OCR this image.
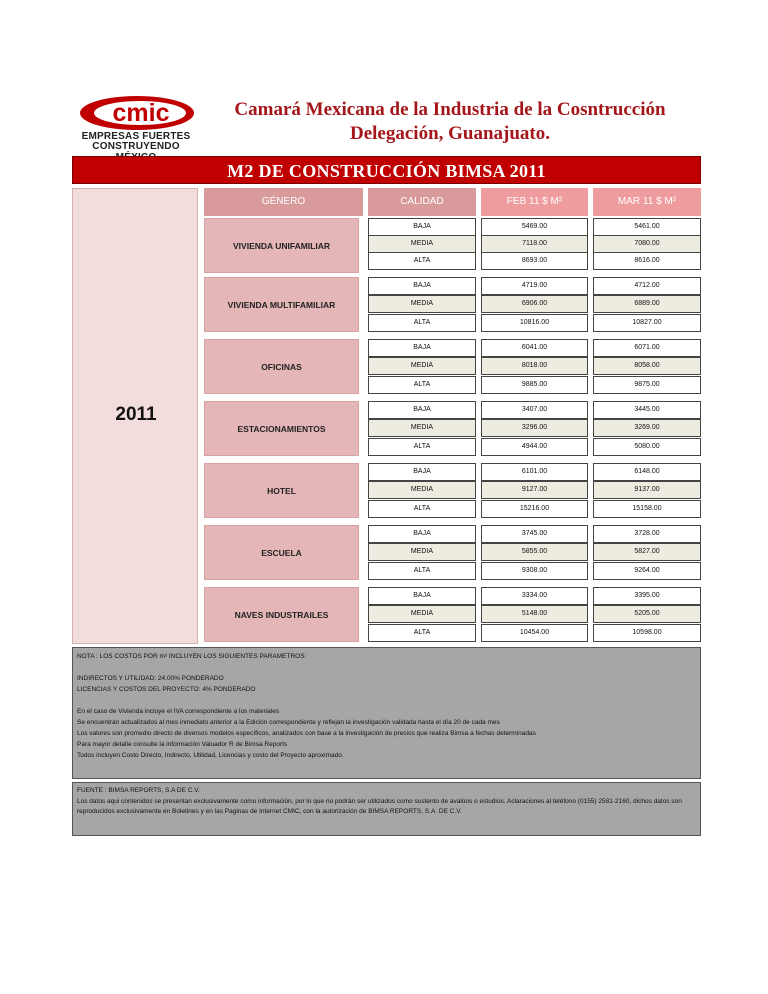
cmic
EMPRESAS FUERTES
CONSTRUYENDO
Camará Mexicana de la Industria de la Cosntrucción
Delegación, Guanajuato.
M2 DE CONSTRUCCIÓN BIMSA 2011
2011
GÉNERO	CALIDAD	FEB 11 $ M²	MAR 11 $ M²
VIVIENDA UNIFAMILIAR
BAJA	5469.00	5461.00
MEDIA	7118.00	7080.00
ALTA	8693.00	8616.00
VIVIENDA MULTIFAMILIAR
BAJA	4719.00	4712.00
MEDIA	6906.00	6889.00
ALTA	10816.00	10827.00
OFICINAS
BAJA	6041.00	6071.00
MEDIA	8018.00	8058.00
ALTA	9885.00	9875.00
ESTACIONAMIENTOS
BAJA	3407.00	3445.00
MEDIA	3296.00	3269.00
ALTA	4944.00	5080.00
HOTEL
BAJA	6101.00	6148.00
MEDIA	9127.00	9137.00
ALTA	15216.00	15158.00
ESCUELA
BAJA	3745.00	3728.00
MEDIA	5855.00	5827.00
ALTA	9308.00	9264.00
NAVES INDUSTRAILES
BAJA	3334.00	3395.00
MEDIA	5148.00	5205.00
ALTA	10454.00	10598.00
NOTA : LOS COSTOS POR m² INCLUYEN LOS SIGUIENTES PARAMETROS:

INDIRECTOS Y UTILIDAD: 24.00% PONDERADO
LICENCIAS Y COSTOS DEL PROYECTO: 4% PONDERADO

En el caso de Vivienda incluye el IVA correspondiente a los materiales
Se encuentran actualizados al mes inmediato anterior a la Edición correspondiente y reflejan la investigación validada hasta el día 20 de cada mes
Los valores son promedio directo de diversos modelos específicos, analizados con base a la investigación de precios que realiza Bimsa a fechas determinadas
Para mayor detalle consulte la información Valuador R de Bimsa Reports
Todos incluyen Costo Directo, Indirecto, Utilidad, Licencias y costo del Proyecto aproximado.
FUENTE : BIMSA REPORTS, S.A DE C.V.
Los datos aqui contenidos se presentan exclusivamente como información, por lo que no podrán ser utilizados como sustento de avalúos o estudios. Aclaraciones al teléfono (0155) 2581-2160, dichos datos son reproducidos exclusivamente en Boletines y en las Paginas de Internet CMIC, con la autorización de BIMSA REPORTS, S.A. DE C.V.
